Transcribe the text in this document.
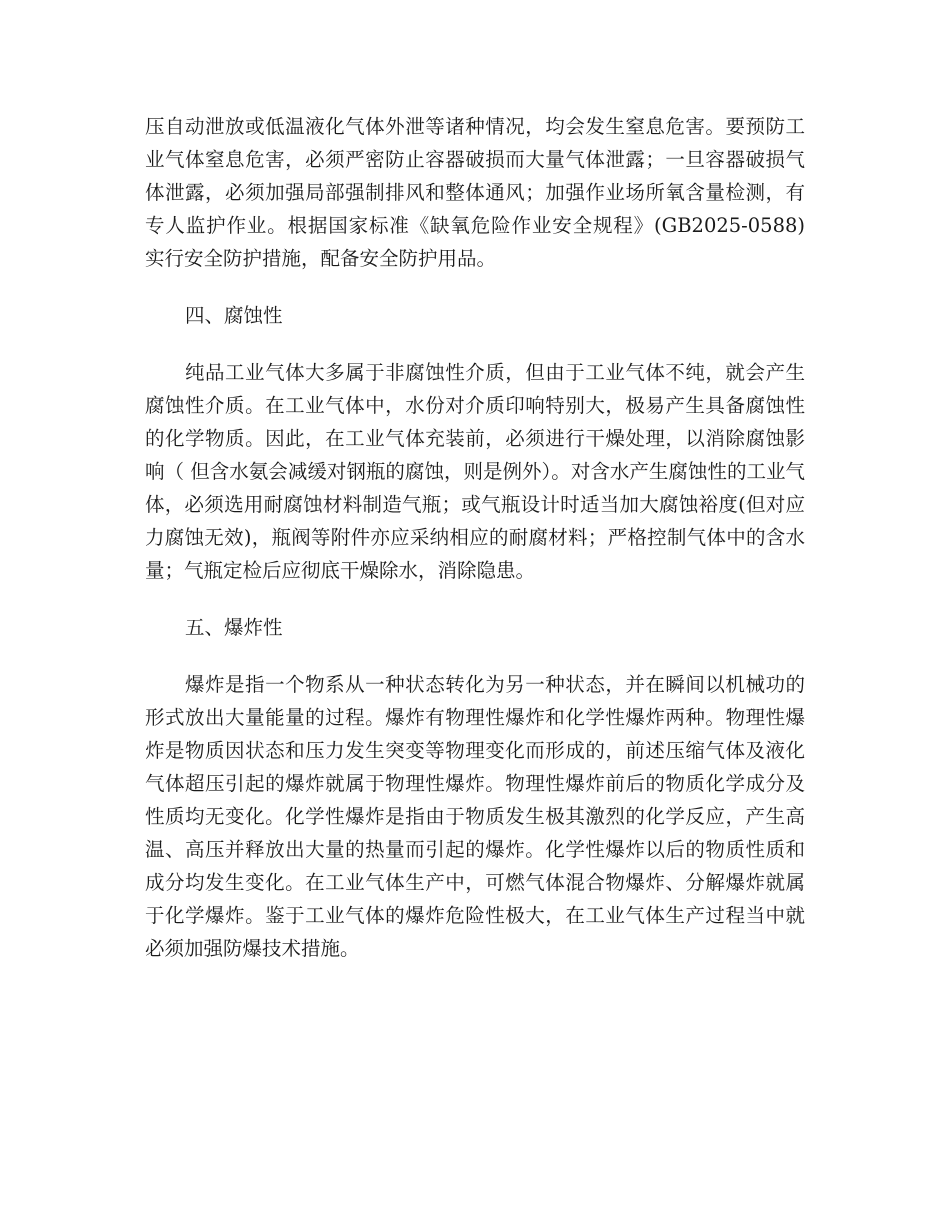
压自动泄放或低温液化气体外泄等诸种情况，均会发生窒息危害。要预防工业气体窒息危害，必须严密防止容器破损而大量气体泄露；一旦容器破损气体泄露，必须加强局部强制排风和整体通风；加强作业场所氧含量检测，有专人监护作业。根据国家标准《缺氧危险作业安全规程》(GB2025-0588) 实行安全防护措施，配备安全防护用品。

四、腐蚀性

纯品工业气体大多属于非腐蚀性介质，但由于工业气体不纯，就会产生腐蚀性介质。在工业气体中，水份对介质印响特别大，极易产生具备腐蚀性的化学物质。因此，在工业气体充装前，必须进行干燥处理，以消除腐蚀影响（ 但含水氨会减缓对钢瓶的腐蚀，则是例外）。对含水产生腐蚀性的工业气体，必须选用耐腐蚀材料制造气瓶；或气瓶设计时适当加大腐蚀裕度(但对应力腐蚀无效)，瓶阀等附件亦应采纳相应的耐腐材料；严格控制气体中的含水量；气瓶定检后应彻底干燥除水，消除隐患。

五、爆炸性

爆炸是指一个物系从一种状态转化为另一种状态，并在瞬间以机械功的形式放出大量能量的过程。爆炸有物理性爆炸和化学性爆炸两种。物理性爆炸是物质因状态和压力发生突变等物理变化而形成的，前述压缩气体及液化气体超压引起的爆炸就属于物理性爆炸。物理性爆炸前后的物质化学成分及性质均无变化。化学性爆炸是指由于物质发生极其激烈的化学反应，产生高温、高压并释放出大量的热量而引起的爆炸。化学性爆炸以后的物质性质和成分均发生变化。在工业气体生产中，可燃气体混合物爆炸、分解爆炸就属于化学爆炸。鉴于工业气体的爆炸危险性极大，在工业气体生产过程当中就必须加强防爆技术措施。
